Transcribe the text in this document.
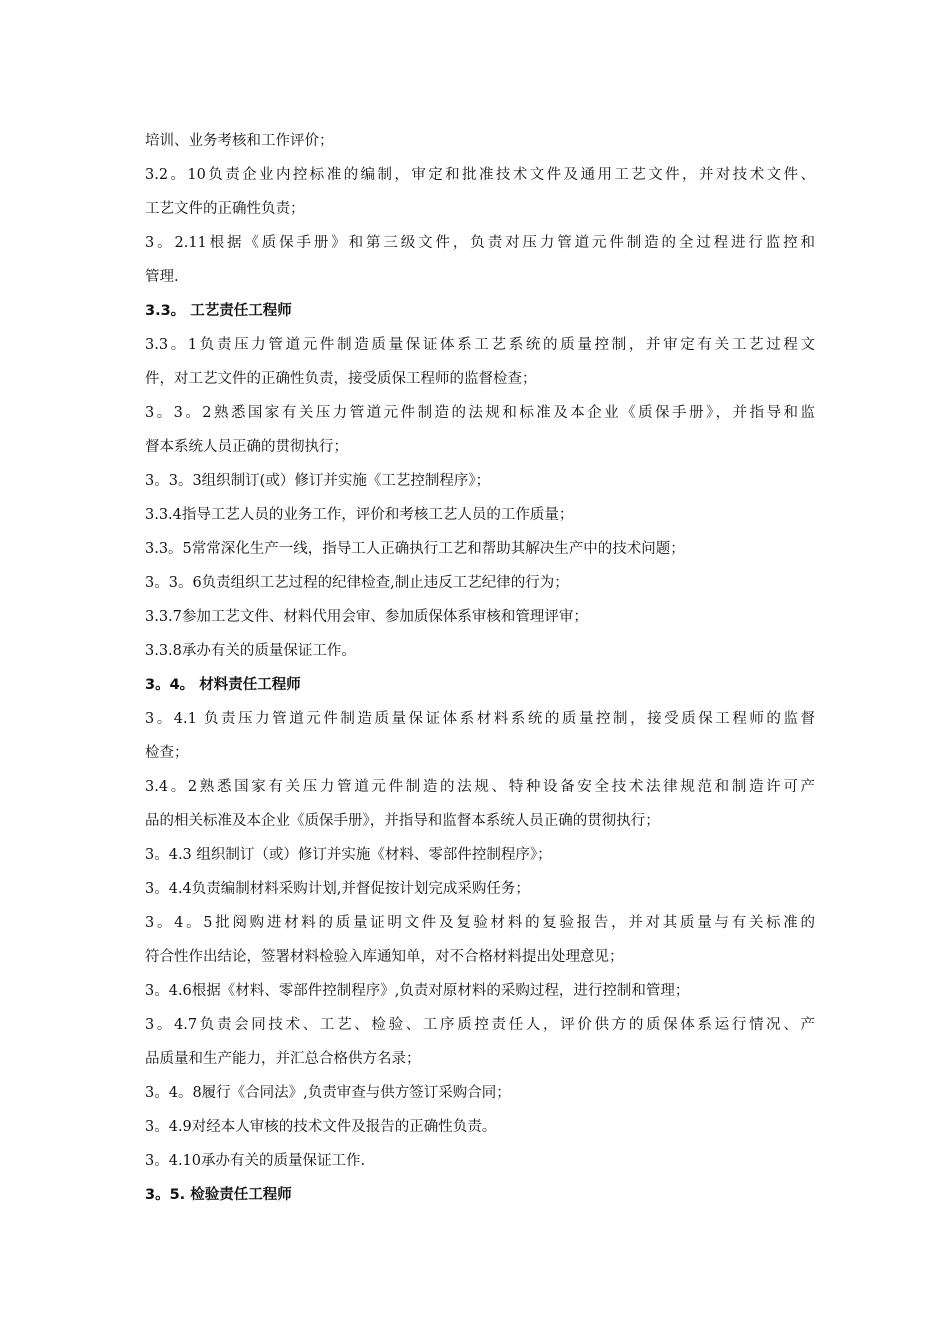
培训、业务考核和工作评价；
3.2。10负责企业内控标准的编制，审定和批准技术文件及通用工艺文件，并对技术文件、
工艺文件的正确性负责；
3。2.11根据《质保手册》和第三级文件，负责对压力管道元件制造的全过程进行监控和
管理.
3.3。 工艺责任工程师
3.3。1负责压力管道元件制造质量保证体系工艺系统的质量控制，并审定有关工艺过程文
件，对工艺文件的正确性负责，接受质保工程师的监督检查；
3。3。2熟悉国家有关压力管道元件制造的法规和标准及本企业《质保手册》，并指导和监
督本系统人员正确的贯彻执行；
3。3。3组织制订(或）修订并实施《工艺控制程序》；
3.3.4指导工艺人员的业务工作，评价和考核工艺人员的工作质量；
3.3。5常常深化生产一线，指导工人正确执行工艺和帮助其解决生产中的技术问题；
3。3。6负责组织工艺过程的纪律检查,制止违反工艺纪律的行为；
3.3.7参加工艺文件、材料代用会审、参加质保体系审核和管理评审；
3.3.8承办有关的质量保证工作。
3。4。 材料责任工程师
3。4.1 负责压力管道元件制造质量保证体系材料系统的质量控制，接受质保工程师的监督
检查；
3.4。2熟悉国家有关压力管道元件制造的法规、特种设备安全技术法律规范和制造许可产
品的相关标准及本企业《质保手册》，并指导和监督本系统人员正确的贯彻执行；
3。4.3 组织制订（或）修订并实施《材料、零部件控制程序》；
3。4.4负责编制材料采购计划,并督促按计划完成采购任务；
3。4。5批阅购进材料的质量证明文件及复验材料的复验报告，并对其质量与有关标准的
符合性作出结论，签署材料检验入库通知单，对不合格材料提出处理意见；
3。4.6根据《材料、零部件控制程序》,负责对原材料的采购过程，进行控制和管理；
3。4.7负责会同技术、工艺、检验、工序质控责任人，评价供方的质保体系运行情况、产
品质量和生产能力，并汇总合格供方名录；
3。4。8履行《合同法》,负责审查与供方签订采购合同；
3。4.9对经本人审核的技术文件及报告的正确性负责。
3。4.10承办有关的质量保证工作.
3。5. 检验责任工程师
